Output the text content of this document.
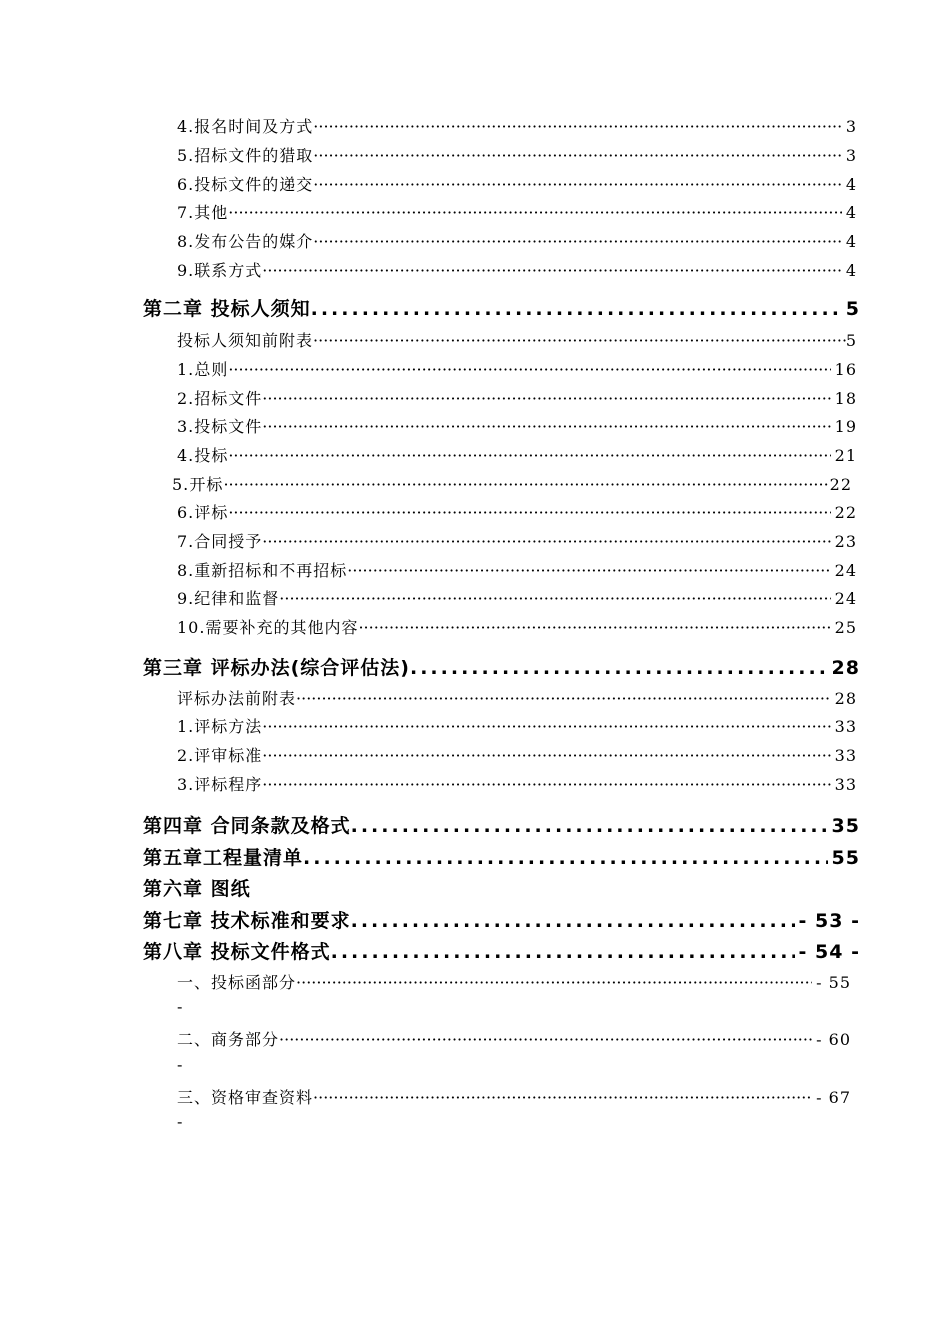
4. 报名时间及方式 ·····	3
5. 招标文件的猎取 ·····	3
6. 投标文件的递交 ·····	4
7. 其他 ·····	4
8. 发布公告的媒介 ·····	4
9. 联系方式 ·····	4
第二章 投标人须知 .....	5
投标人须知前附表 ·····	5
1. 总则 ·····	16
2. 招标文件 ·····	18
3. 投标文件 ·····	19
4. 投标 ·····	21
5. 开标 ·····	22
6. 评标 ·····	22
7. 合同授予 ·····	23
8. 重新招标和不再招标 ·····	24
9. 纪律和监督 ·····	24
10. 需要补充的其他内容 ·····	25
第三章 评标办法(综合评估法) .....	28
评标办法前附表 ·····	28
1. 评标方法 ·····	33
2. 评审标准 ·····	33
3. 评标程序 ·····	33
第四章 合同条款及格式 .....	35
第五章工程量清单 .....	55
第六章 图纸
第七章 技术标准和要求 .....	- 53 -
第八章 投标文件格式 .....	- 54 -
一、投标函部分 ·····	- 55
-
二、商务部分 ·····	- 60
-
三、资格审查资料 ·····	- 67
-
